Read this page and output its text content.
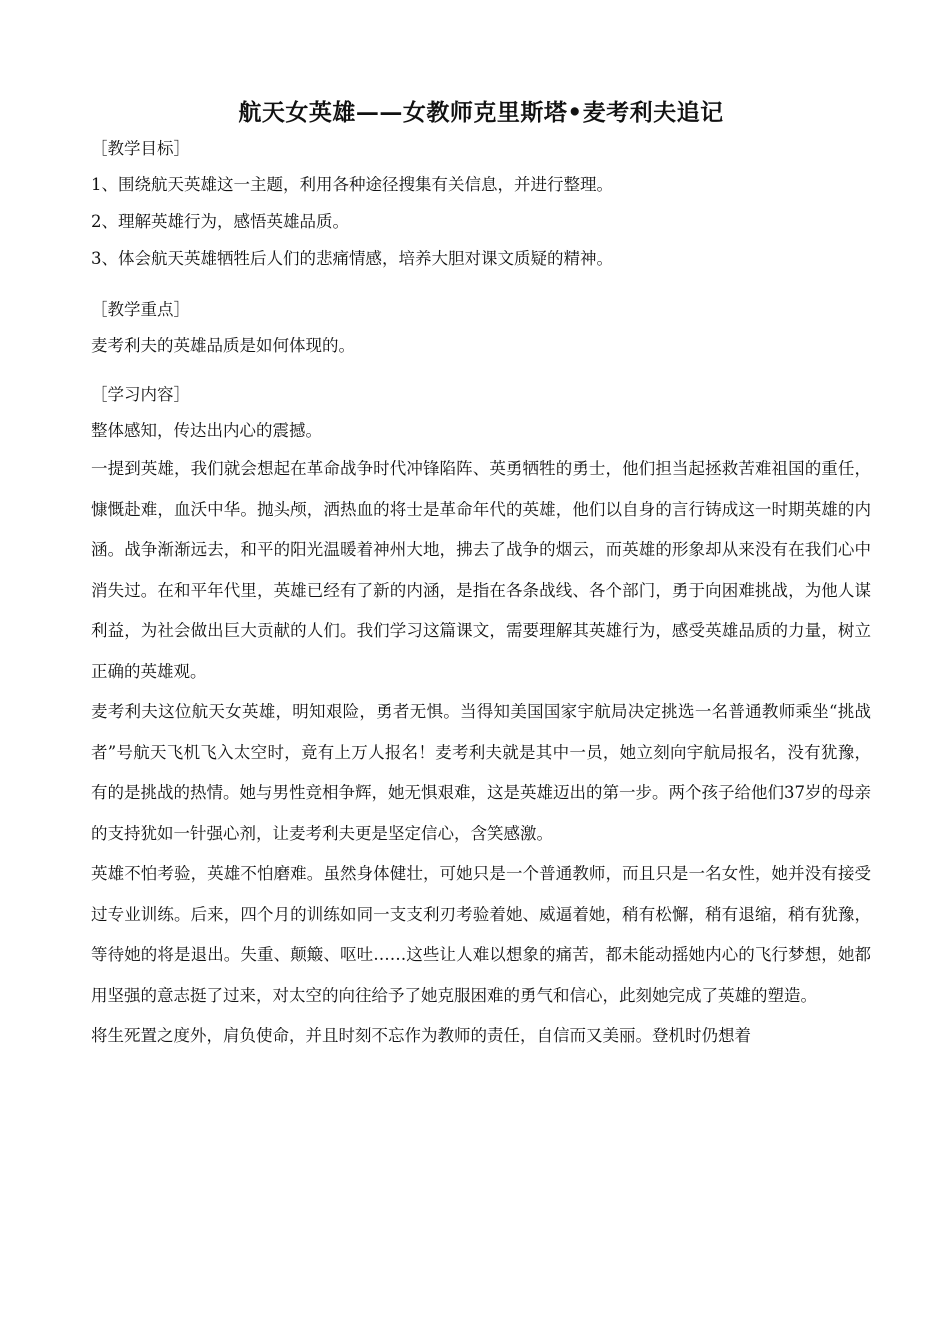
航天女英雄——女教师克里斯塔•麦考利夫追记

［教学目标］

1、围绕航天英雄这一主题，利用各种途径搜集有关信息，并进行整理。

2、理解英雄行为，感悟英雄品质。

3、体会航天英雄牺牲后人们的悲痛情感，培养大胆对课文质疑的精神。

［教学重点］

麦考利夫的英雄品质是如何体现的。

［学习内容］

整体感知，传达出内心的震撼。

一提到英雄，我们就会想起在革命战争时代冲锋陷阵、英勇牺牲的勇士，他们担当起拯救苦难祖国的重任，慷慨赴难，血沃中华。抛头颅，洒热血的将士是革命年代的英雄，他们以自身的言行铸成这一时期英雄的内涵。战争渐渐远去，和平的阳光温暖着神州大地，拂去了战争的烟云，而英雄的形象却从来没有在我们心中消失过。在和平年代里，英雄已经有了新的内涵，是指在各条战线、各个部门，勇于向困难挑战，为他人谋利益，为社会做出巨大贡献的人们。我们学习这篇课文，需要理解其英雄行为，感受英雄品质的力量，树立正确的英雄观。

麦考利夫这位航天女英雄，明知艰险，勇者无惧。当得知美国国家宇航局决定挑选一名普通教师乘坐“挑战者”号航天飞机飞入太空时，竟有上万人报名！麦考利夫就是其中一员，她立刻向宇航局报名，没有犹豫，有的是挑战的热情。她与男性竞相争辉，她无惧艰难，这是英雄迈出的第一步。两个孩子给他们37岁的母亲的支持犹如一针强心剂，让麦考利夫更是坚定信心，含笑感激。

英雄不怕考验，英雄不怕磨难。虽然身体健壮，可她只是一个普通教师，而且只是一名女性，她并没有接受过专业训练。后来，四个月的训练如同一支支利刃考验着她、威逼着她，稍有松懈，稍有退缩，稍有犹豫，等待她的将是退出。失重、颠簸、呕吐……这些让人难以想象的痛苦，都未能动摇她内心的飞行梦想，她都用坚强的意志挺了过来，对太空的向往给予了她克服困难的勇气和信心，此刻她完成了英雄的塑造。

将生死置之度外，肩负使命，并且时刻不忘作为教师的责任，自信而又美丽。登机时仍想着
